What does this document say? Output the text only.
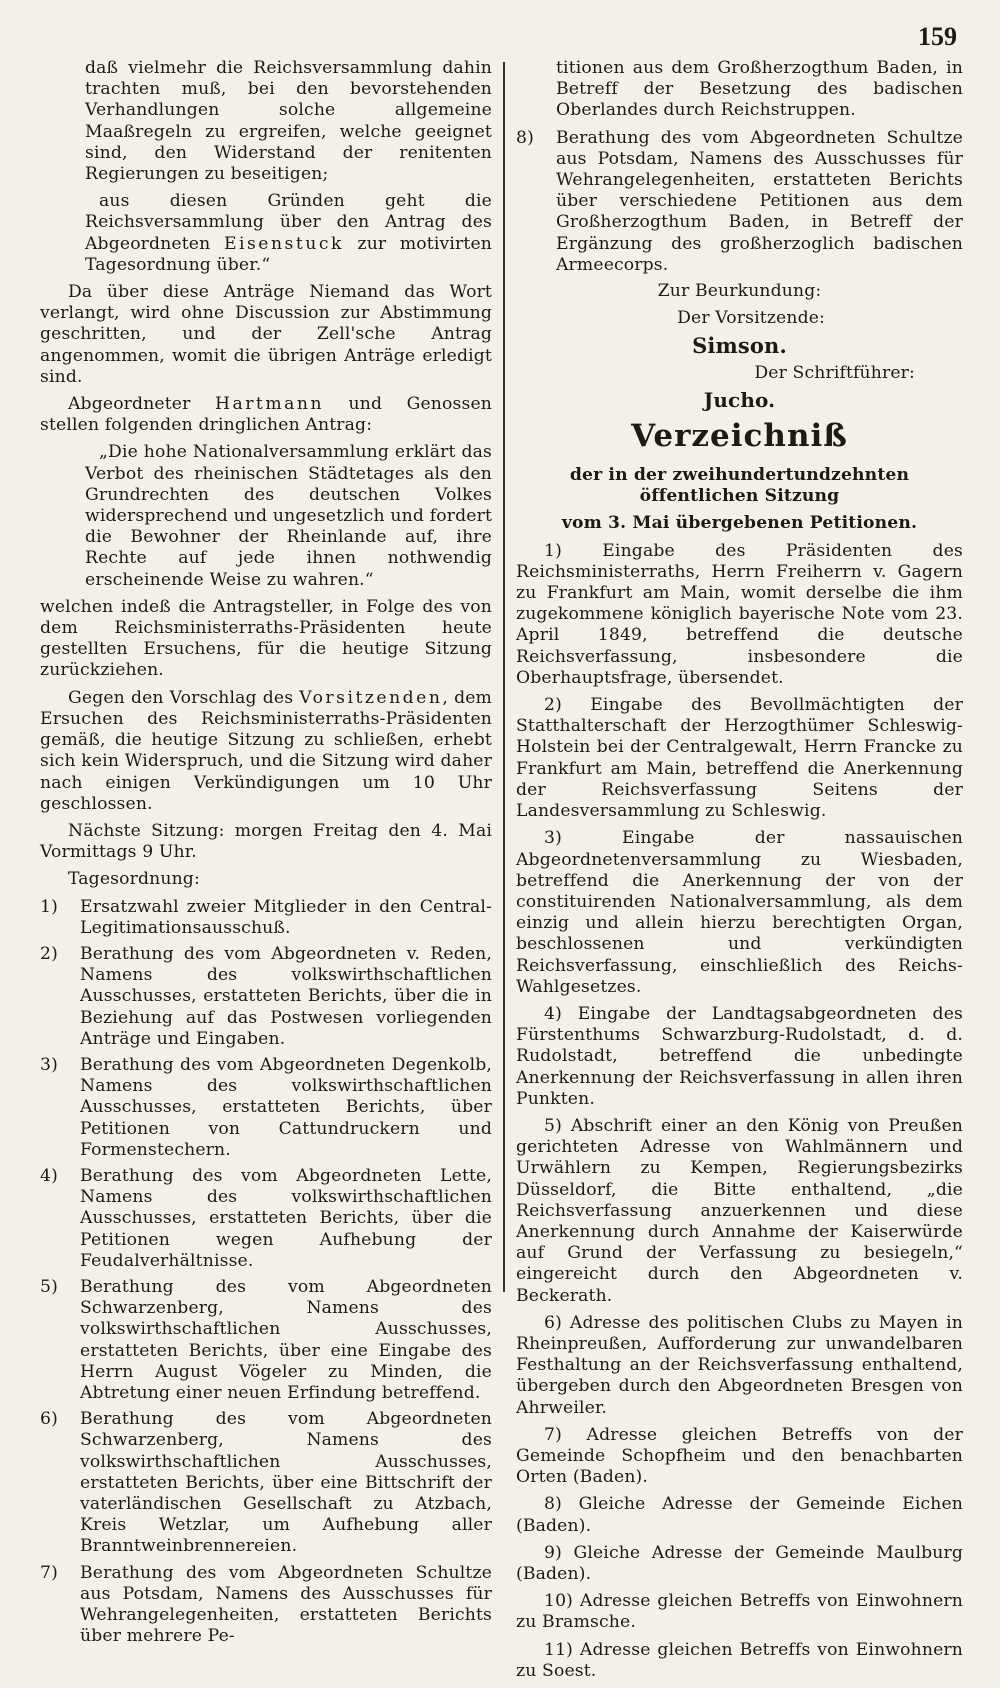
159

daß vielmehr die Reichsversammlung dahin trachten muß, bei den bevorstehenden Verhandlungen solche allgemeine Maaßregeln zu ergreifen, welche geeignet sind, den Widerstand der renitenten Regierungen zu beseitigen;

aus diesen Gründen geht die Reichsversammlung über den Antrag des Abgeordneten Eisenstuck zur motivirten Tagesordnung über.“

Da über diese Anträge Niemand das Wort verlangt, wird ohne Discussion zur Abstimmung geschritten, und der Zell'sche Antrag angenommen, womit die übrigen Anträge erledigt sind.

Abgeordneter Hartmann und Genossen stellen folgenden dringlichen Antrag:

„Die hohe Nationalversammlung erklärt das Verbot des rheinischen Städtetages als den Grundrechten des deutschen Volkes widersprechend und ungesetzlich und fordert die Bewohner der Rheinlande auf, ihre Rechte auf jede ihnen nothwendig erscheinende Weise zu wahren.“

welchen indeß die Antragsteller, in Folge des von dem Reichsministerraths-Präsidenten heute gestellten Ersuchens, für die heutige Sitzung zurückziehen.

Gegen den Vorschlag des Vorsitzenden, dem Ersuchen des Reichsministerraths-Präsidenten gemäß, die heutige Sitzung zu schließen, erhebt sich kein Widerspruch, und die Sitzung wird daher nach einigen Verkündigungen um 10 Uhr geschlossen.

Nächste Sitzung: morgen Freitag den 4. Mai Vormittags 9 Uhr.

Tagesordnung:

1) Ersatzwahl zweier Mitglieder in den Central-Legitimationsausschuß.
2) Berathung des vom Abgeordneten v. Reden, Namens des volkswirthschaftlichen Ausschusses, erstatteten Berichts, über die in Beziehung auf das Postwesen vorliegenden Anträge und Eingaben.
3) Berathung des vom Abgeordneten Degenkolb, Namens des volkswirthschaftlichen Ausschusses, erstatteten Berichts, über Petitionen von Cattundruckern und Formenstechern.
4) Berathung des vom Abgeordneten Lette, Namens des volkswirthschaftlichen Ausschusses, erstatteten Berichts, über die Petitionen wegen Aufhebung der Feudalverhältnisse.
5) Berathung des vom Abgeordneten Schwarzenberg, Namens des volkswirthschaftlichen Ausschusses, erstatteten Berichts, über eine Eingabe des Herrn August Vögeler zu Minden, die Abtretung einer neuen Erfindung betreffend.
6) Berathung des vom Abgeordneten Schwarzenberg, Namens des volkswirthschaftlichen Ausschusses, erstatteten Berichts, über eine Bittschrift der vaterländischen Gesellschaft zu Atzbach, Kreis Wetzlar, um Aufhebung aller Branntweinbrennereien.
7) Berathung des vom Abgeordneten Schultze aus Potsdam, Namens des Ausschusses für Wehrangelegenheiten, erstatteten Berichts über mehrere Pe-

titionen aus dem Großherzogthum Baden, in Betreff der Besetzung des badischen Oberlandes durch Reichstruppen.

8) Berathung des vom Abgeordneten Schultze aus Potsdam, Namens des Ausschusses für Wehrangelegenheiten, erstatteten Berichts über verschiedene Petitionen aus dem Großherzogthum Baden, in Betreff der Ergänzung des großherzoglich badischen Armeecorps.

Zur Beurkundung:

Der Vorsitzende:

Simson.

Der Schriftführer:

Jucho.

Verzeichniß

der in der zweihundertundzehnten öffentlichen Sitzung

vom 3. Mai übergebenen Petitionen.

1) Eingabe des Präsidenten des Reichsministerraths, Herrn Freiherrn v. Gagern zu Frankfurt am Main, womit derselbe die ihm zugekommene königlich bayerische Note vom 23. April 1849, betreffend die deutsche Reichsverfassung, insbesondere die Oberhauptsfrage, übersendet.

2) Eingabe des Bevollmächtigten der Statthalterschaft der Herzogthümer Schleswig-Holstein bei der Centralgewalt, Herrn Francke zu Frankfurt am Main, betreffend die Anerkennung der Reichsverfassung Seitens der Landesversammlung zu Schleswig.

3) Eingabe der nassauischen Abgeordnetenversammlung zu Wiesbaden, betreffend die Anerkennung der von der constituirenden Nationalversammlung, als dem einzig und allein hierzu berechtigten Organ, beschlossenen und verkündigten Reichsverfassung, einschließlich des Reichs-Wahlgesetzes.

4) Eingabe der Landtagsabgeordneten des Fürstenthums Schwarzburg-Rudolstadt, d. d. Rudolstadt, betreffend die unbedingte Anerkennung der Reichsverfassung in allen ihren Punkten.

5) Abschrift einer an den König von Preußen gerichteten Adresse von Wahlmännern und Urwählern zu Kempen, Regierungsbezirks Düsseldorf, die Bitte enthaltend, „die Reichsverfassung anzuerkennen und diese Anerkennung durch Annahme der Kaiserwürde auf Grund der Verfassung zu besiegeln,“ eingereicht durch den Abgeordneten v. Beckerath.

6) Adresse des politischen Clubs zu Mayen in Rheinpreußen, Aufforderung zur unwandelbaren Festhaltung an der Reichsverfassung enthaltend, übergeben durch den Abgeordneten Bresgen von Ahrweiler.

7) Adresse gleichen Betreffs von der Gemeinde Schopfheim und den benachbarten Orten (Baden).

8) Gleiche Adresse der Gemeinde Eichen (Baden).

9) Gleiche Adresse der Gemeinde Maulburg (Baden).

10) Adresse gleichen Betreffs von Einwohnern zu Bramsche.

11) Adresse gleichen Betreffs von Einwohnern zu Soest.
